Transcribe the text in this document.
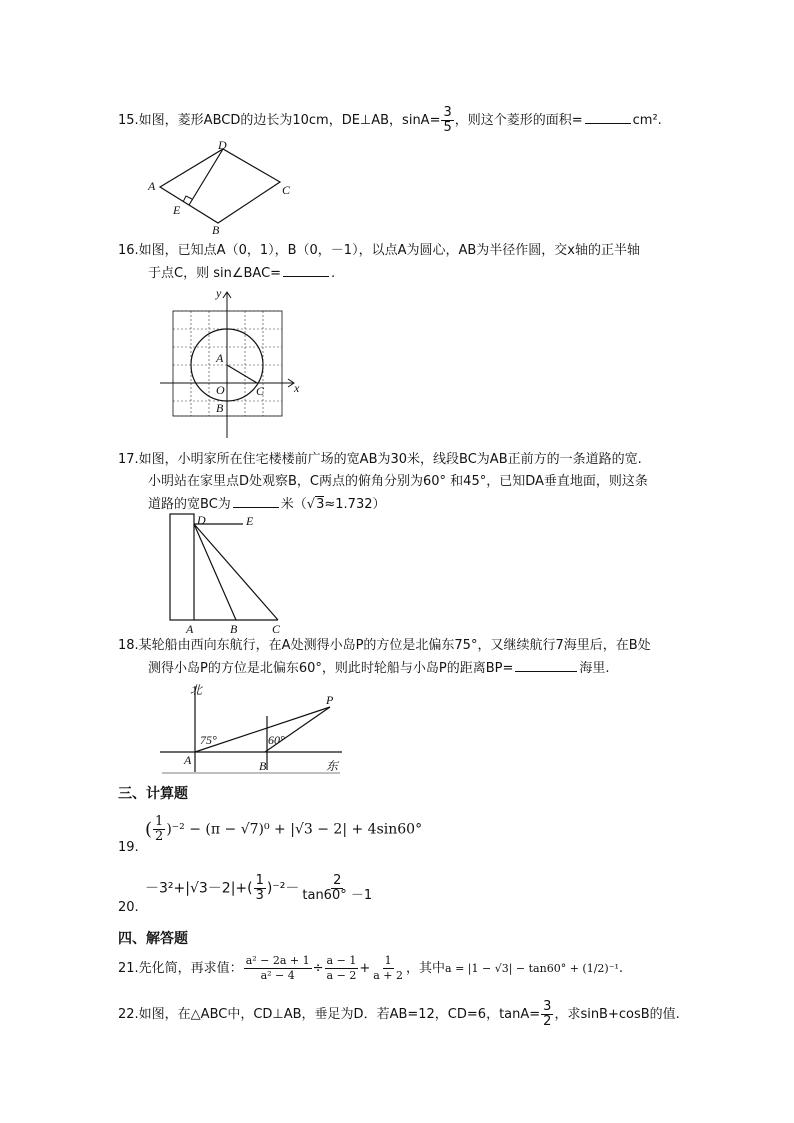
15.如图，菱形ABCD的边长为10cm，DE⊥AB，$\sin A= \frac{3}{5}$ ，则这个菱形的面积=	cm².
A
D
C
B
E
16.如图，已知点A（0，1），B（0，－1），以点A为圆心，AB为半径作圆，交x轴的正半轴
于点C，则 sin∠BAC=	.
y
x
A
O
B
C
17.如图，小明家所在住宅楼楼前广场的宽AB为30米，线段BC为AB正前方的一条道路的宽.
小明站在家里点D处观察B，C两点的俯角分别为60° 和45°，已知DA垂直地面，则这条
道路的宽BC为	米（√3≈1.732）
D	E
A	B	C
18.某轮船由西向东航行，在A处测得小岛P的方位是北偏东75°，又继续航行7海里后，在B处
测得小岛P的方位是北偏东60°，则此时轮船与小岛P的距离BP=	海里.
北
75°	60°
P
A	B	东
三、计算题
( $\frac{1}{2} )^{-2} - (\pi - √7)^0 + |√3 - 2| + 4\sin 60^\circ$
19.
$-3^2+|√3-2|+( \frac{1}{3} )^{-2}- \frac{2}{\tan 60^\circ -1}$
20.
四、解答题
21.先化简，再求值： $\frac{\text{a² − 2a + 1}}{\text{a² − 4}} \div \frac{a - 1}{a - 2} + \frac{1}{a + 2}$ ，其中a = |1 − √3| − tan60° + (1/2)⁻¹.
22.如图，在△ABC中，CD⊥AB，垂足为D．若AB=12，CD=6，$\tan A= \frac{3}{2}$ ，求sinB+cosB的值.
